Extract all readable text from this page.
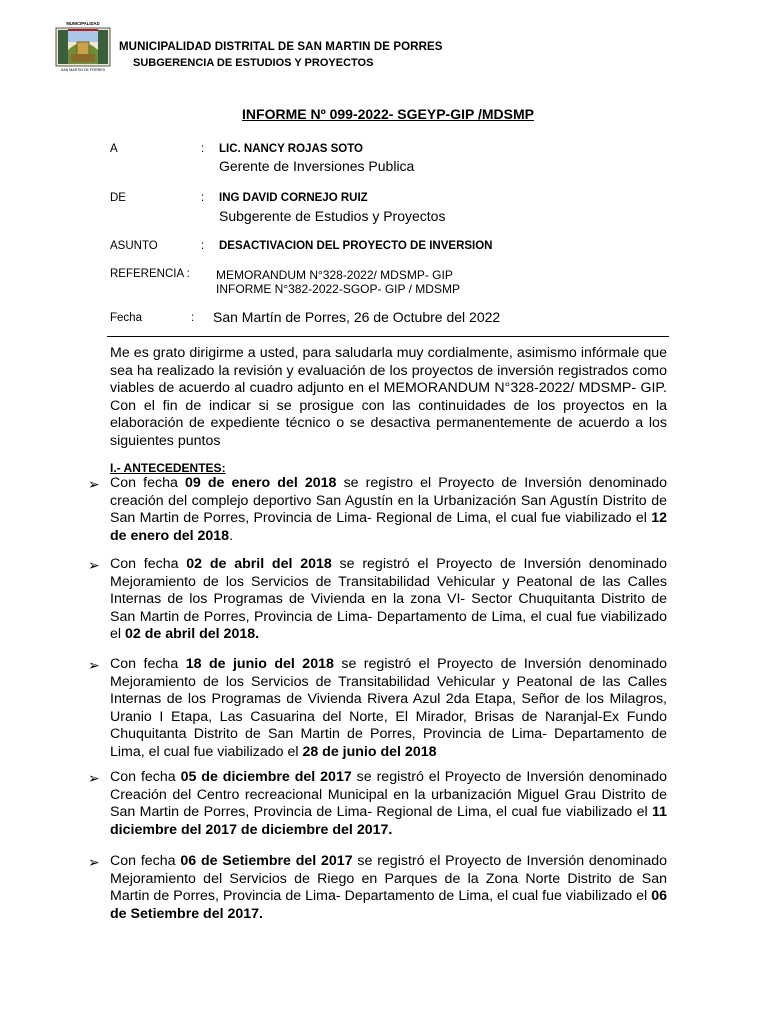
MUNICIPALIDAD
SAN MARTIN DE PORRES
MUNICIPALIDAD DISTRITAL DE SAN MARTIN DE PORRES
SUBGERENCIA DE ESTUDIOS Y PROYECTOS
INFORME Nº 099-2022- SGEYP-GIP /MDSMP
A	: LIC. NANCY ROJAS SOTO
Gerente de Inversiones Publica
DE	: ING DAVID CORNEJO RUIZ
Subgerente de Estudios y Proyectos
ASUNTO	: DESACTIVACION DEL PROYECTO DE INVERSION
REFERENCIA : MEMORANDUM N°328-2022/ MDSMP- GIP
INFORME N°382-2022-SGOP- GIP / MDSMP
Fecha	: San Martín de Porres, 26 de Octubre del 2022

Me es grato dirigirme a usted, para saludarla muy cordialmente, asimismo infórmale que sea ha realizado la revisión y evaluación de los proyectos de inversión registrados como viables de acuerdo al cuadro adjunto en el MEMORANDUM N°328-2022/ MDSMP- GIP. Con el fin de indicar si se prosigue con las continuidades de los proyectos en la elaboración de expediente técnico o se desactiva permanentemente de acuerdo a los siguientes puntos

I.- ANTECEDENTES:
➢ Con fecha 09 de enero del 2018 se registro el Proyecto de Inversión denominado creación del complejo deportivo San Agustín en la Urbanización San Agustín Distrito de San Martin de Porres, Provincia de Lima- Regional de Lima, el cual fue viabilizado el 12 de enero del 2018.

➢ Con fecha 02 de abril del 2018 se registró el Proyecto de Inversión denominado Mejoramiento de los Servicios de Transitabilidad Vehicular y Peatonal de las Calles Internas de los Programas de Vivienda en la zona VI- Sector Chuquitanta Distrito de San Martin de Porres, Provincia de Lima- Departamento de Lima, el cual fue viabilizado el 02 de abril del 2018.

➢ Con fecha 18 de junio del 2018 se registró el Proyecto de Inversión denominado Mejoramiento de los Servicios de Transitabilidad Vehicular y Peatonal de las Calles Internas de los Programas de Vivienda Rivera Azul 2da Etapa, Señor de los Milagros, Uranio I Etapa, Las Casuarina del Norte, El Mirador, Brisas de Naranjal-Ex Fundo Chuquitanta Distrito de San Martin de Porres, Provincia de Lima- Departamento de Lima, el cual fue viabilizado el 28 de junio del 2018

➢ Con fecha 05 de diciembre del 2017 se registró el Proyecto de Inversión denominado Creación del Centro recreacional Municipal en la urbanización Miguel Grau Distrito de San Martin de Porres, Provincia de Lima- Regional de Lima, el cual fue viabilizado el 11 diciembre del 2017 de diciembre del 2017.

➢ Con fecha 06 de Setiembre del 2017 se registró el Proyecto de Inversión denominado Mejoramiento del Servicios de Riego en Parques de la Zona Norte Distrito de San Martin de Porres, Provincia de Lima- Departamento de Lima, el cual fue viabilizado el 06 de Setiembre del 2017.
